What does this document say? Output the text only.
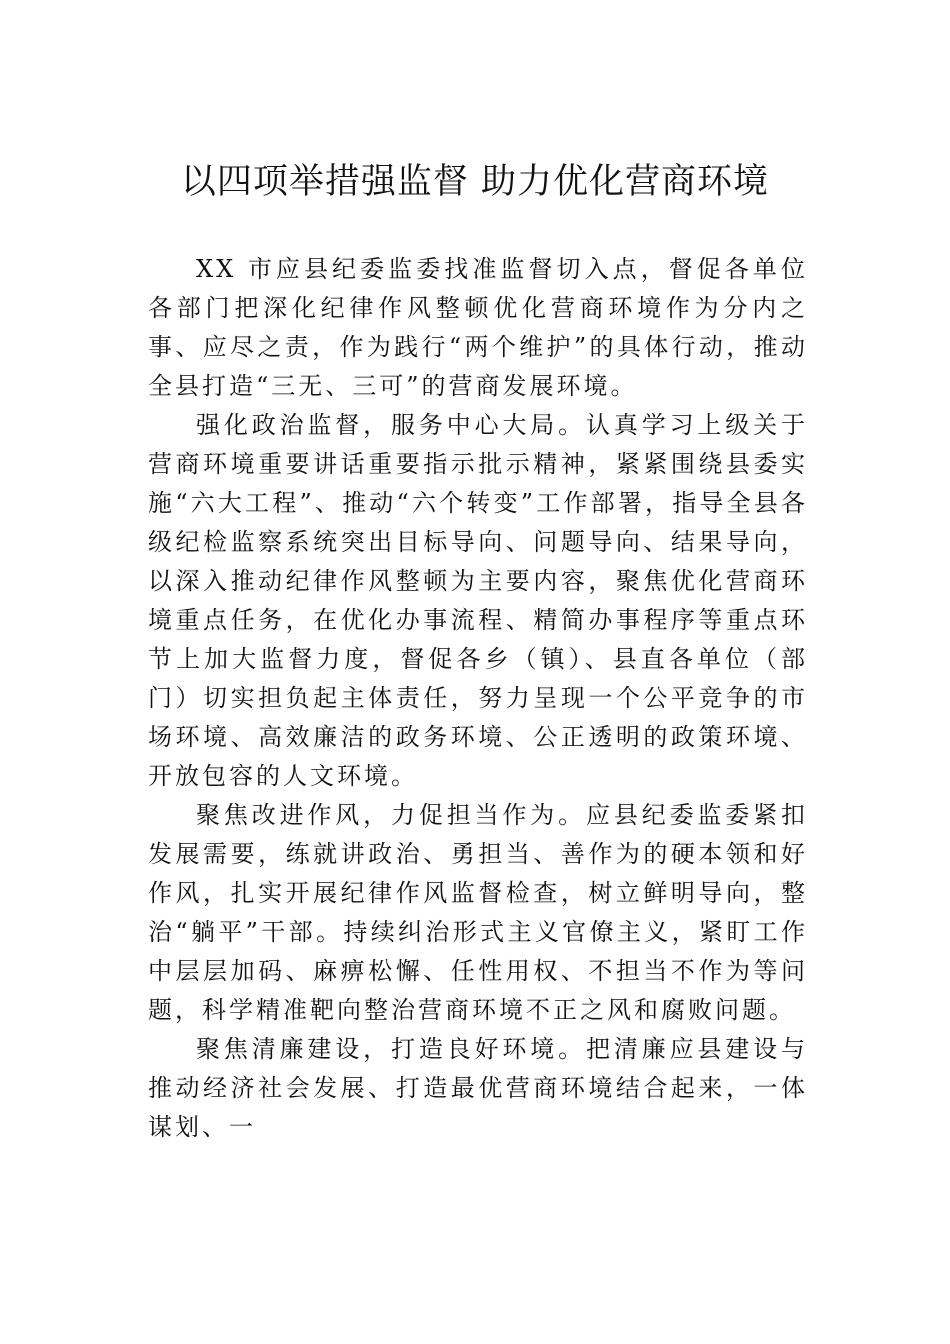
以四项举措强监督 助力优化营商环境

XX 市应县纪委监委找准监督切入点，督促各单位各部门把深化纪律作风整顿优化营商环境作为分内之事、应尽之责，作为践行“两个维护”的具体行动，推动全县打造“三无、三可”的营商发展环境。

强化政治监督，服务中心大局。认真学习上级关于营商环境重要讲话重要指示批示精神，紧紧围绕县委实施“六大工程”、推动“六个转变”工作部署，指导全县各级纪检监察系统突出目标导向、问题导向、结果导向，以深入推动纪律作风整顿为主要内容，聚焦优化营商环境重点任务，在优化办事流程、精简办事程序等重点环节上加大监督力度，督促各乡（镇）、县直各单位（部门）切实担负起主体责任，努力呈现一个公平竞争的市场环境、高效廉洁的政务环境、公正透明的政策环境、开放包容的人文环境。

聚焦改进作风，力促担当作为。应县纪委监委紧扣发展需要，练就讲政治、勇担当、善作为的硬本领和好作风，扎实开展纪律作风监督检查，树立鲜明导向，整治“躺平”干部。持续纠治形式主义官僚主义，紧盯工作中层层加码、麻痹松懈、任性用权、不担当不作为等问题，科学精准靶向整治营商环境不正之风和腐败问题。

聚焦清廉建设，打造良好环境。把清廉应县建设与推动经济社会发展、打造最优营商环境结合起来，一体谋划、一
